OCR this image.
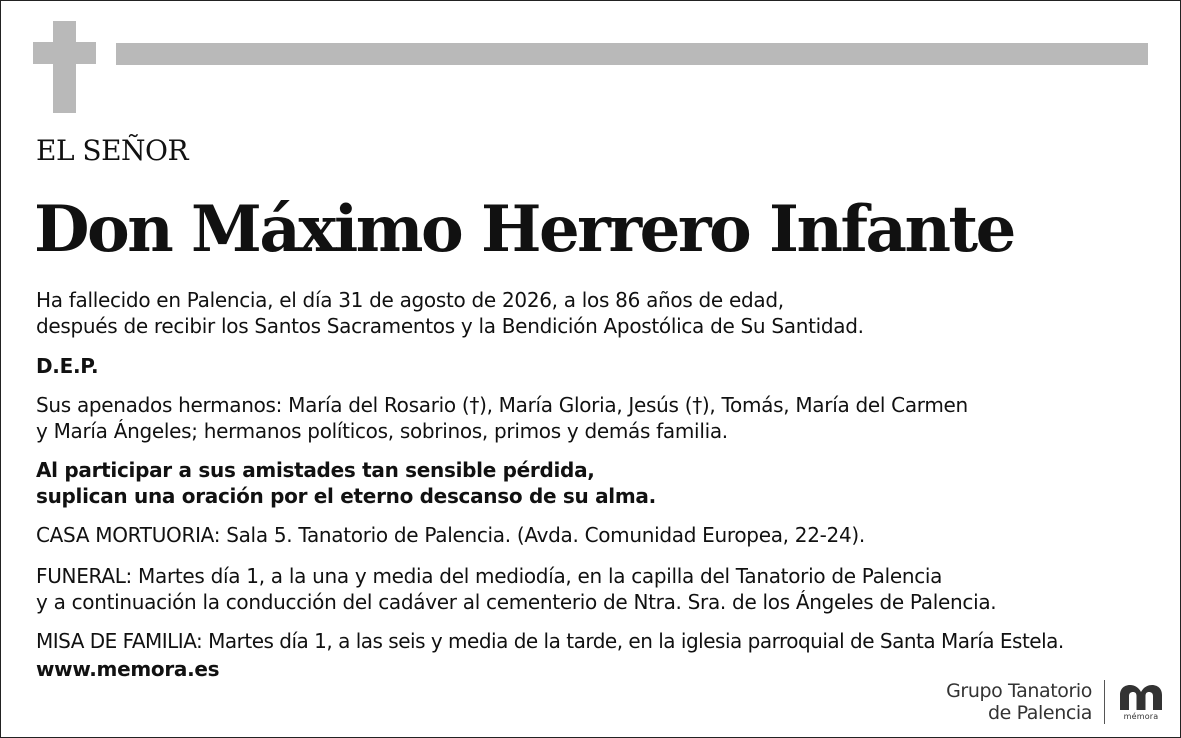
EL SEÑOR
Don Máximo Herrero Infante
Ha fallecido en Palencia, el día 31 de agosto de 2026, a los 86 años de edad,
después de recibir los Santos Sacramentos y la Bendición Apostólica de Su Santidad.
D.E.P.
Sus apenados hermanos: María del Rosario (†), María Gloria, Jesús (†), Tomás, María del Carmen
y María Ángeles; hermanos políticos, sobrinos, primos y demás familia.
Al participar a sus amistades tan sensible pérdida,
suplican una oración por el eterno descanso de su alma.
CASA MORTUORIA: Sala 5. Tanatorio de Palencia. (Avda. Comunidad Europea, 22-24).
FUNERAL: Martes día 1, a la una y media del mediodía, en la capilla del Tanatorio de Palencia
y a continuación la conducción del cadáver al cementerio de Ntra. Sra. de los Ángeles de Palencia.
MISA DE FAMILIA: Martes día 1, a las seis y media de la tarde, en la iglesia parroquial de Santa María Estela.
www.memora.es
Grupo Tanatorio
de Palencia	mémora
